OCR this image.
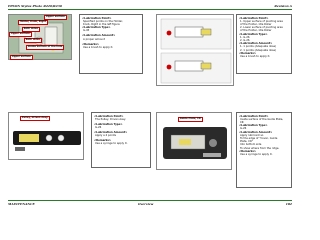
EPSON Stylus Photo R220/R230	Revision A
Upper surface
Holder, Knob, Right
Both sides
Upper surface
Both sides
Inside surface of the hole
Upper surface
<Lubrication Point>
Specified points on the Holder,
Knob, Right in the left figure
<Lubrication Type>
G-45
<Lubrication Amount>
A proper amount
<Remarks>
Use a brush to apply it.
<Lubrication Point>
1. Upper surface of pivoting area
of the Holder, Idle Roller
2. Lower surface of pivoting area
of the Holder, Idle Roller
<Lubrication Type>
1. G-26
2. G-26
<Lubrication Amount>
1. 1 points (Adequate dose)
2. 1 points (Adequate dose)
<Remarks>
Use a brush to apply it.
Pulley, Driven Assy.
<Lubrication Point>
The Pulley, Driven Assy.
<Lubrication Type>
G-26
<Lubrication Amount>
Apply a 4 points
<Remarks>
Use a syringe to apply it.
Guide Plate, CR
<Lubrication Point>
Inside surface of the Guide Plate,
CR
<Lubrication Type>
G-26
<Lubrication Amount>
Apply lubricant so
To the edge of "Cover, Guide
Plate, CR"
Into bottom side
To show where from the ridge.
<Remarks>
Use a syringe to apply it.
MAINTENANCE	Overview	182
